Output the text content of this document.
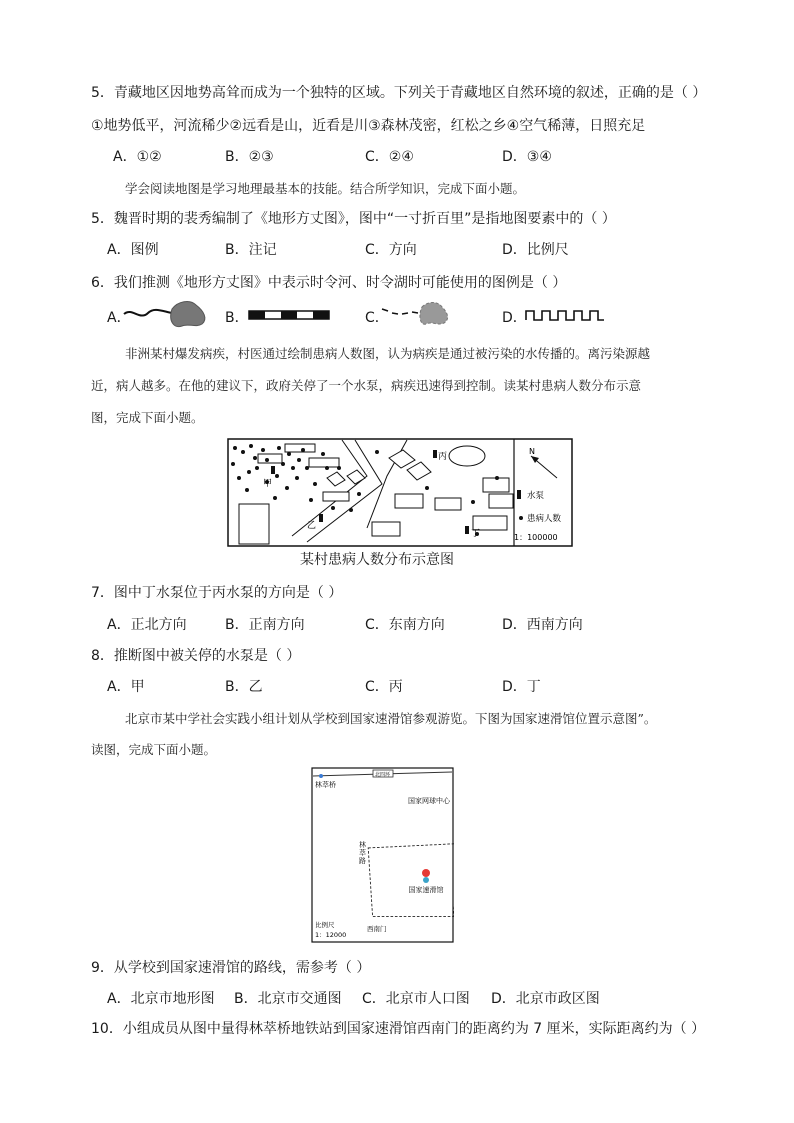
5．青藏地区因地势高耸而成为一个独特的区域。下列关于青藏地区自然环境的叙述，正确的是（ ）
①地势低平，河流稀少②远看是山，近看是川③森林茂密，红松之乡④空气稀薄，日照充足
A．①②	B．②③	C．②④	D．③④
学会阅读地图是学习地理最基本的技能。结合所学知识，完成下面小题。
5．魏晋时期的裴秀编制了《地形方丈图》，图中“一寸折百里”是指地图要素中的（ ）
A．图例	B．注记	C．方向	D．比例尺
6．我们推测《地形方丈图》中表示时令河、时令湖时可能使用的图例是（ ）
A．	B．	C．	D．
非洲某村爆发病疾，村医通过绘制患病人数图，认为病疾是通过被污染的水传播的。离污染源越
近，病人越多。在他的建议下，政府关停了一个水泵，病疾迅速得到控制。读某村患病人数分布示意
图，完成下面小题。
甲
乙
丙
丁
N
水泵
患病人数
1：100000
某村患病人数分布示意图
7．图中丁水泵位于丙水泵的方向是（ ）
A．正北方向	B．正南方向	C．东南方向	D．西南方向
8．推断图中被关停的水泵是（ ）
A．甲	B．乙	C．丙	D．丁
北京市某中学社会实践小组计划从学校到国家速滑馆参观游览。下图为国家速滑馆位置示意图”。
读图，完成下面小题。
北四环
林萃桥
国家网球中心
林
萃
路
国家速滑馆
西南门
比例尺
1：12000
9．从学校到国家速滑馆的路线，需参考（ ）
A．北京市地形图 B．北京市交通图 C．北京市人口图 D．北京市政区图
10．小组成员从图中量得林萃桥地铁站到国家速滑馆西南门的距离约为 7 厘米，实际距离约为（ ）
